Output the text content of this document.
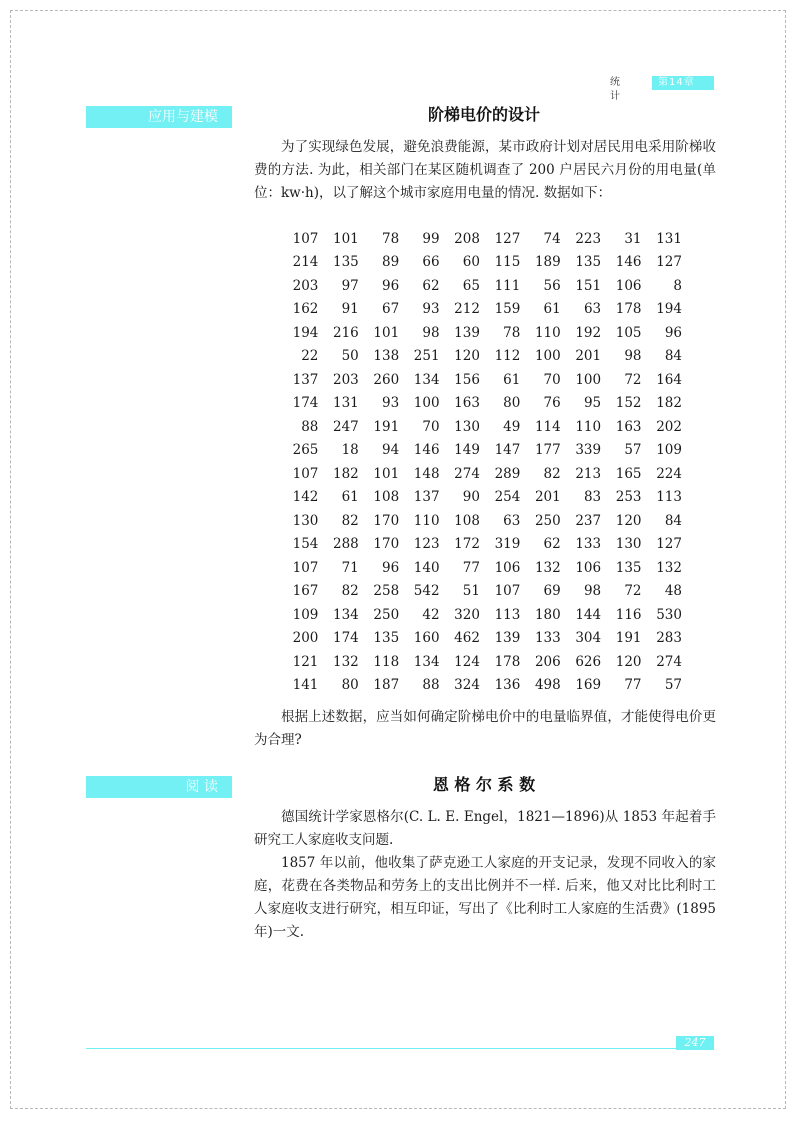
统 计
第14章
应用与建模	阶梯电价的设计

为了实现绿色发展，避免浪费能源，某市政府计划对居民用电采用阶梯收费的方法. 为此，相关部门在某区随机调查了 200 户居民六月份的用电量(单位：kw·h)，以了解这个城市家庭用电量的情况. 数据如下：

107	101	78	99	208	127	74	223	31	131
214	135	89	66	60	115	189	135	146	127
203	97	96	62	65	111	56	151	106	8
162	91	67	93	212	159	61	63	178	194
194	216	101	98	139	78	110	192	105	96
22	50	138	251	120	112	100	201	98	84
137	203	260	134	156	61	70	100	72	164
174	131	93	100	163	80	76	95	152	182
88	247	191	70	130	49	114	110	163	202
265	18	94	146	149	147	177	339	57	109
107	182	101	148	274	289	82	213	165	224
142	61	108	137	90	254	201	83	253	113
130	82	170	110	108	63	250	237	120	84
154	288	170	123	172	319	62	133	130	127
107	71	96	140	77	106	132	106	135	132
167	82	258	542	51	107	69	98	72	48
109	134	250	42	320	113	180	144	116	530
200	174	135	160	462	139	133	304	191	283
121	132	118	134	124	178	206	626	120	274
141	80	187	88	324	136	498	169	77	57

根据上述数据，应当如何确定阶梯电价中的电量临界值，才能使得电价更为合理?

阅 读	恩 格 尔 系 数

德国统计学家恩格尔(C. L. E. Engel，1821—1896)从 1853 年起着手研究工人家庭收支问题.

1857 年以前，他收集了萨克逊工人家庭的开支记录，发现不同收入的家庭，花费在各类物品和劳务上的支出比例并不一样. 后来，他又对比比利时工人家庭收支进行研究，相互印证，写出了《比利时工人家庭的生活费》(1895 年)一文.

247
